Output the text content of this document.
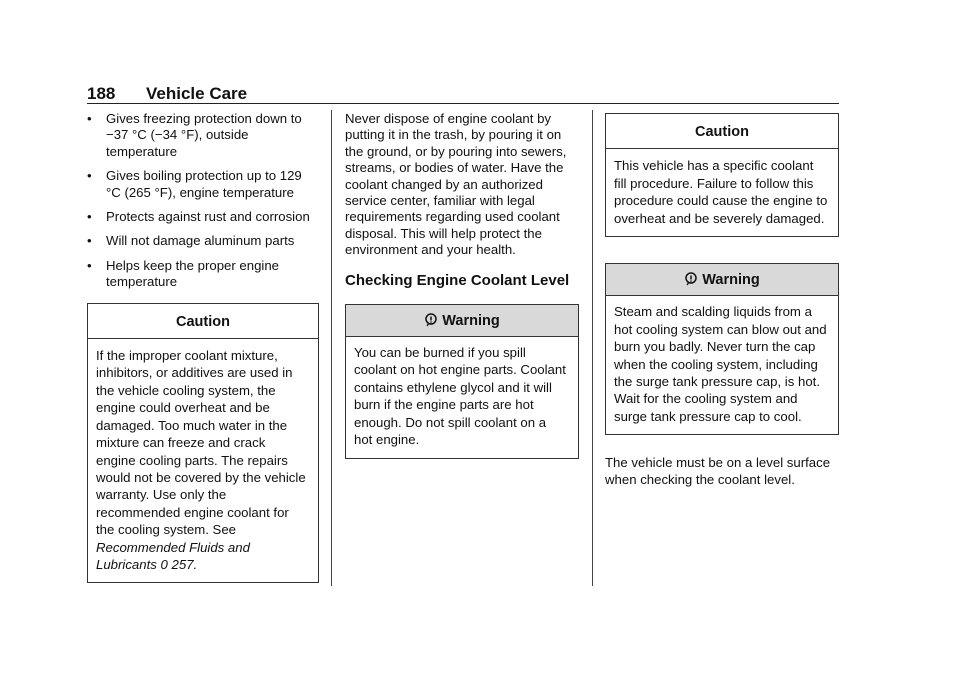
188 Vehicle Care
• Gives freezing protection down to −37 °C (−34 °F), outside temperature
• Gives boiling protection up to 129 °C (265 °F), engine temperature
• Protects against rust and corrosion
• Will not damage aluminum parts
• Helps keep the proper engine temperature
Caution
If the improper coolant mixture, inhibitors, or additives are used in the vehicle cooling system, the engine could overheat and be damaged. Too much water in the mixture can freeze and crack engine cooling parts. The repairs would not be covered by the vehicle warranty. Use only the recommended engine coolant for the cooling system. See Recommended Fluids and Lubricants 0 257.

Never dispose of engine coolant by putting it in the trash, by pouring it on the ground, or by pouring into sewers, streams, or bodies of water. Have the coolant changed by an authorized service center, familiar with legal requirements regarding used coolant disposal. This will help protect the environment and your health.

Checking Engine Coolant Level
Warning
You can be burned if you spill coolant on hot engine parts. Coolant contains ethylene glycol and it will burn if the engine parts are hot enough. Do not spill coolant on a hot engine.
Caution
This vehicle has a specific coolant fill procedure. Failure to follow this procedure could cause the engine to overheat and be severely damaged.
Warning
Steam and scalding liquids from a hot cooling system can blow out and burn you badly. Never turn the cap when the cooling system, including the surge tank pressure cap, is hot. Wait for the cooling system and surge tank pressure cap to cool.

The vehicle must be on a level surface when checking the coolant level.
